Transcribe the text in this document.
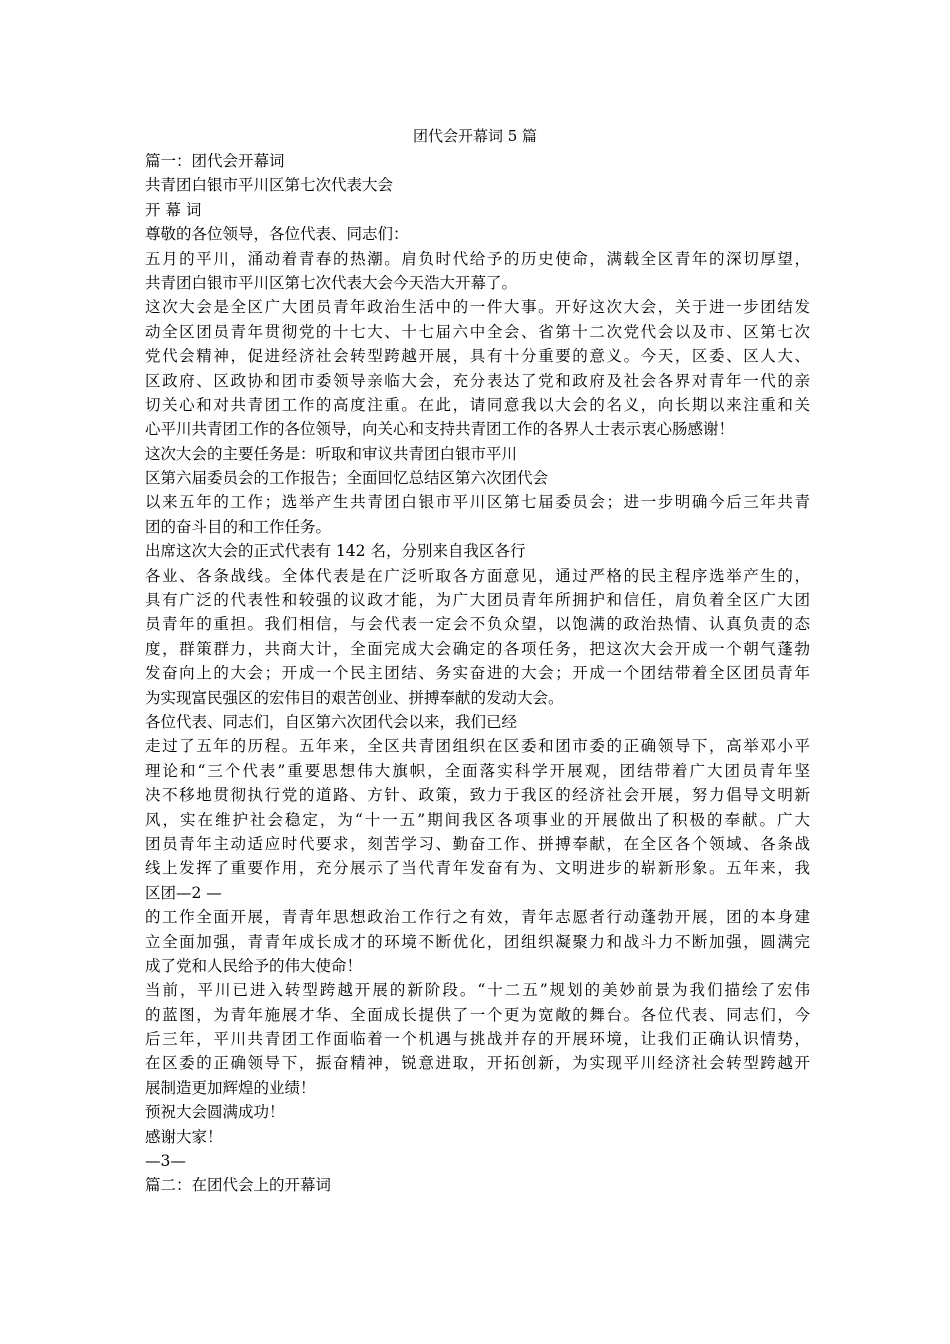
团代会开幕词 5 篇
篇一：团代会开幕词
共青团白银市平川区第七次代表大会
开 幕 词
尊敬的各位领导，各位代表、同志们：
五月的平川，涌动着青春的热潮。肩负时代给予的历史使命，满载全区青年的深切厚望，
共青团白银市平川区第七次代表大会今天浩大开幕了。
这次大会是全区广大团员青年政治生活中的一件大事。开好这次大会，关于进一步团结发
动全区团员青年贯彻党的十七大、十七届六中全会、省第十二次党代会以及市、区第七次
党代会精神，促进经济社会转型跨越开展，具有十分重要的意义。今天，区委、区人大、
区政府、区政协和团市委领导亲临大会，充分表达了党和政府及社会各界对青年一代的亲
切关心和对共青团工作的高度注重。在此，请同意我以大会的名义，向长期以来注重和关
心平川共青团工作的各位领导，向关心和支持共青团工作的各界人士表示衷心肠感谢！
这次大会的主要任务是：听取和审议共青团白银市平川
区第六届委员会的工作报告；全面回忆总结区第六次团代会
以来五年的工作；选举产生共青团白银市平川区第七届委员会；进一步明确今后三年共青
团的奋斗目的和工作任务。
出席这次大会的正式代表有 142 名，分别来自我区各行
各业、各条战线。全体代表是在广泛听取各方面意见，通过严格的民主程序选举产生的，
具有广泛的代表性和较强的议政才能，为广大团员青年所拥护和信任，肩负着全区广大团
员青年的重担。我们相信，与会代表一定会不负众望，以饱满的政治热情、认真负责的态
度，群策群力，共商大计，全面完成大会确定的各项任务，把这次大会开成一个朝气蓬勃
发奋向上的大会；开成一个民主团结、务实奋进的大会；开成一个团结带着全区团员青年
为实现富民强区的宏伟目的艰苦创业、拼搏奉献的发动大会。
各位代表、同志们，自区第六次团代会以来，我们已经
走过了五年的历程。五年来，全区共青团组织在区委和团市委的正确领导下，高举邓小平
理论和“三个代表”重要思想伟大旗帜，全面落实科学开展观，团结带着广大团员青年坚
决不移地贯彻执行党的道路、方针、政策，致力于我区的经济社会开展，努力倡导文明新
风，实在维护社会稳定，为“十一五”期间我区各项事业的开展做出了积极的奉献。广大
团员青年主动适应时代要求，刻苦学习、勤奋工作、拼搏奉献，在全区各个领域、各条战
线上发挥了重要作用，充分展示了当代青年发奋有为、文明进步的崭新形象。五年来，我
区团—2 —
的工作全面开展，青青年思想政治工作行之有效，青年志愿者行动蓬勃开展，团的本身建
立全面加强，青青年成长成才的环境不断优化，团组织凝聚力和战斗力不断加强，圆满完
成了党和人民给予的伟大使命！
当前，平川已进入转型跨越开展的新阶段。“十二五”规划的美妙前景为我们描绘了宏伟
的蓝图，为青年施展才华、全面成长提供了一个更为宽敞的舞台。各位代表、同志们，今
后三年，平川共青团工作面临着一个机遇与挑战并存的开展环境，让我们正确认识情势，
在区委的正确领导下，振奋精神，锐意进取，开拓创新，为实现平川经济社会转型跨越开
展制造更加辉煌的业绩！
预祝大会圆满成功！
感谢大家！
—3—
篇二：在团代会上的开幕词
